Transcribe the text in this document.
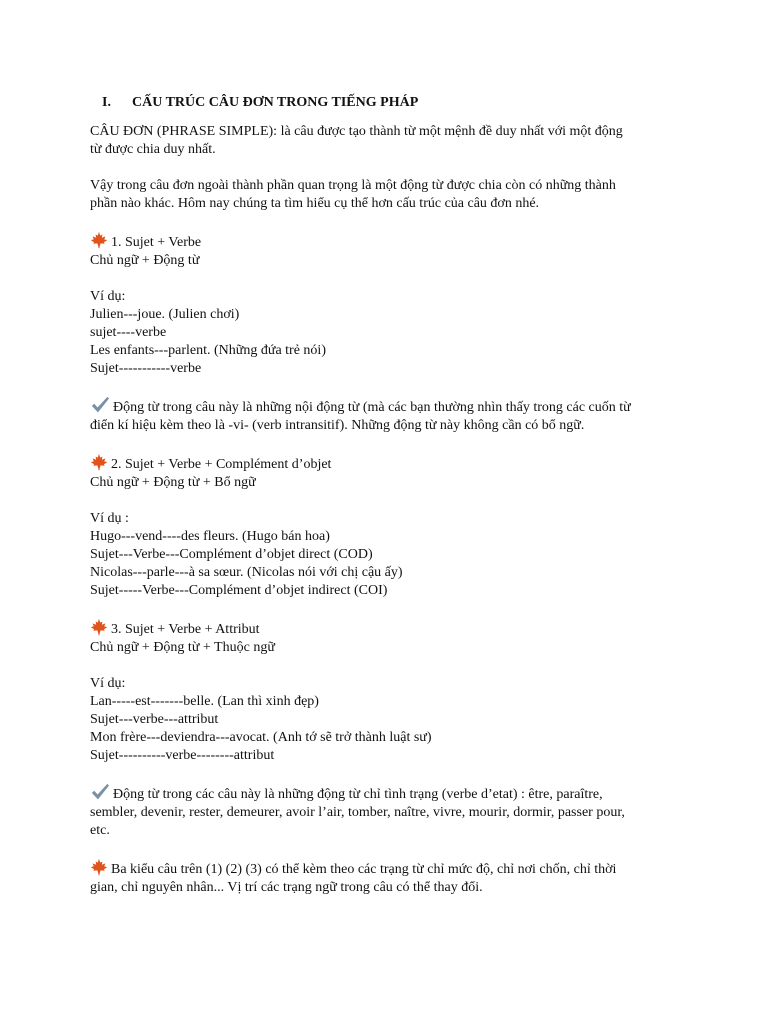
I.	CẤU TRÚC CÂU ĐƠN TRONG TIẾNG PHÁP
CÂU ĐƠN (PHRASE SIMPLE): là câu được tạo thành từ một mệnh đề duy nhất với một động
từ được chia duy nhất.
Vậy trong câu đơn ngoài thành phần quan trọng là một động từ được chia còn có những thành
phần nào khác. Hôm nay chúng ta tìm hiểu cụ thể hơn cấu trúc của câu đơn nhé.
1. Sujet + Verbe
Chủ ngữ + Động từ
Ví dụ:
Julien---joue. (Julien chơi)
sujet----verbe
Les enfants---parlent. (Những đứa trẻ nói)
Sujet-----------verbe
Động từ trong câu này là những nội động từ (mà các bạn thường nhìn thấy trong các cuốn từ
điển kí hiệu kèm theo là -vi- (verb intransitif). Những động từ này không cần có bổ ngữ.
2. Sujet + Verbe + Complément d’objet
Chủ ngữ + Động từ + Bổ ngữ
Ví dụ :
Hugo---vend----des fleurs. (Hugo bán hoa)
Sujet---Verbe---Complément d’objet direct (COD)
Nicolas---parle---à sa sœur. (Nicolas nói với chị cậu ấy)
Sujet-----Verbe---Complément d’objet indirect (COI)
3. Sujet + Verbe + Attribut
Chủ ngữ + Động từ + Thuộc ngữ
Ví dụ:
Lan-----est-------belle. (Lan thì xinh đẹp)
Sujet---verbe---attribut
Mon frère---deviendra---avocat. (Anh tớ sẽ trở thành luật sư)
Sujet----------verbe--------attribut
Động từ trong các câu này là những động từ chỉ tình trạng (verbe d’etat) : être, paraître,
sembler, devenir, rester, demeurer, avoir l’air, tomber, naître, vivre, mourir, dormir, passer pour,
etc.
Ba kiểu câu trên (1) (2) (3) có thể kèm theo các trạng từ chỉ mức độ, chỉ nơi chốn, chỉ thời
gian, chỉ nguyên nhân... Vị trí các trạng ngữ trong câu có thể thay đổi.
